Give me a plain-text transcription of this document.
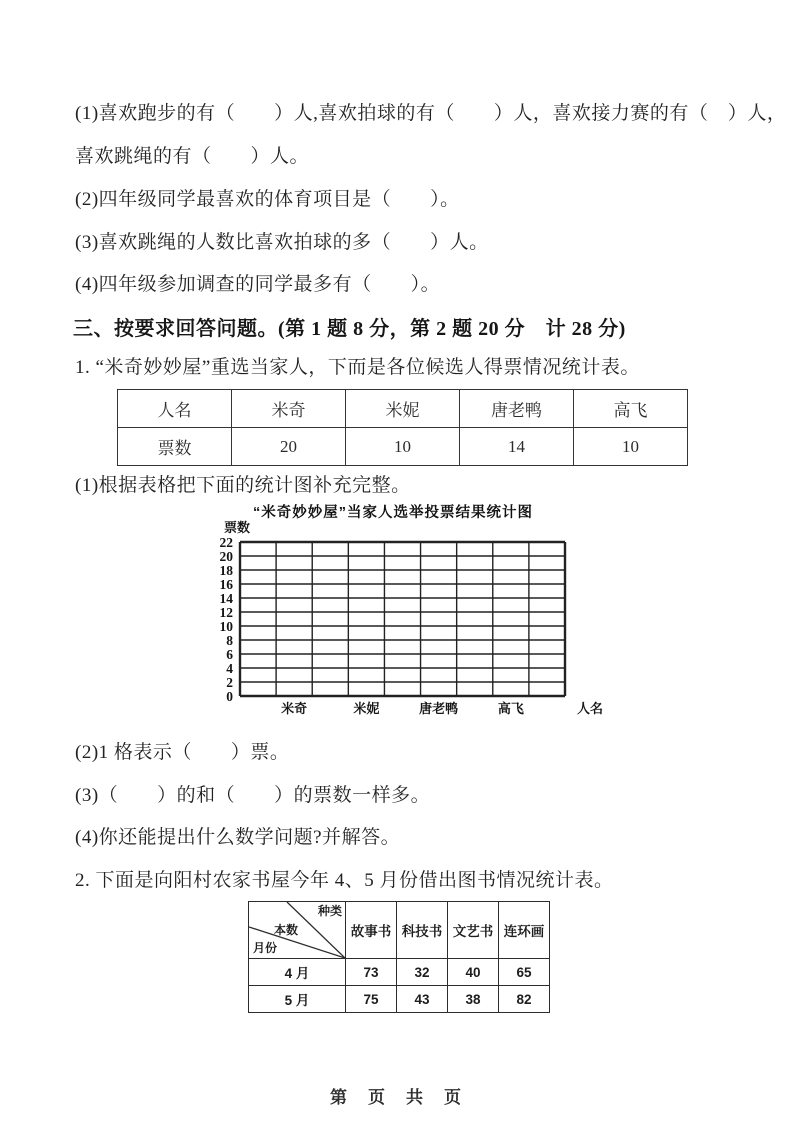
(1)喜欢跑步的有（　　）人,喜欢拍球的有（　　）人，喜欢接力赛的有（　）人，
喜欢跳绳的有（　　）人。
(2)四年级同学最喜欢的体育项目是（　　）。
(3)喜欢跳绳的人数比喜欢拍球的多（　　）人。
(4)四年级参加调查的同学最多有（　　）。
三、按要求回答问题。(第 1 题 8 分，第 2 题 20 分　计 28 分)
1. “米奇妙妙屋”重选当家人，下而是各位候选人得票情况统计表。
人名	米奇	米妮	唐老鸭	高飞
票数	20	10	14	10
(1)根据表格把下面的统计图补充完整。
“米奇妙妙屋”当家人选举投票结果统计图
22
20
18
16
14
12
10
8
6
4
2
0
票数
米奇	米妮	唐老鸭	高飞	人名
(2)1 格表示（　　）票。
(3)（　　）的和（　　）的票数一样多。
(4)你还能提出什么数学问题?并解答。
2. 下面是向阳村农家书屋今年 4、5 月份借出图书情况统计表。
种类
本数
月份	故事书	科技书	文艺书	连环画
4 月	73	32	40	65
5 月	75	43	38	82
第　页　共　页
